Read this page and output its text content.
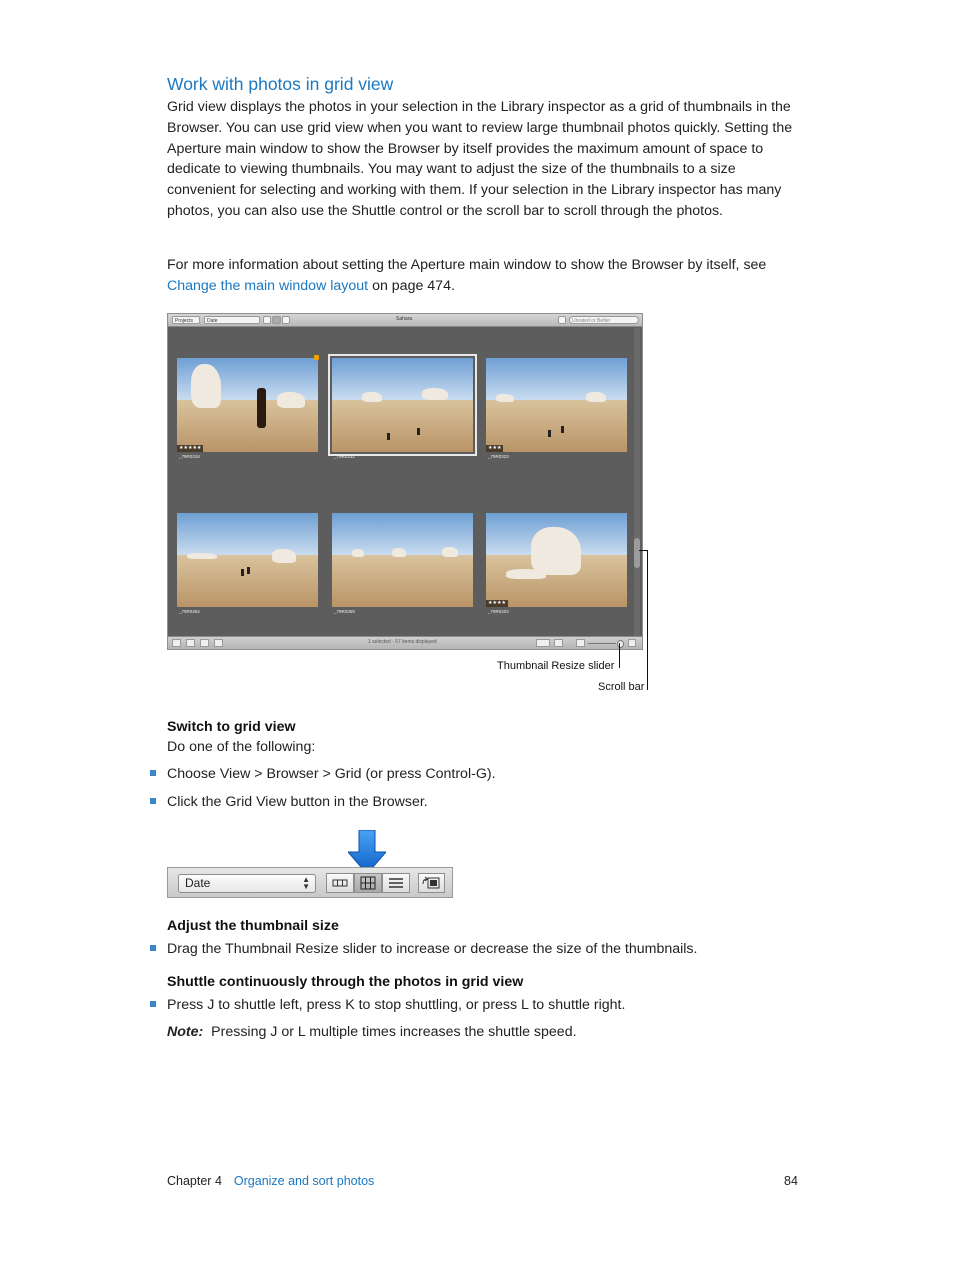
Work with photos in grid view

Grid view displays the photos in your selection in the Library inspector as a grid of thumbnails in the Browser. You can use grid view when you want to review large thumbnail photos quickly. Setting the Aperture main window to show the Browser by itself provides the maximum amount of space to dedicate to viewing thumbnails. You may want to adjust the size of the thumbnails to a size convenient for selecting and working with them. If your selection in the Library inspector has many photos, you can also use the Shuttle control or the scroll bar to scroll through the photos.

For more information about setting the Aperture main window to show the Browser by itself, see Change the main window layout on page 474.

Projects	Date	Sahara	Unrated or Better
★★★★★
_79R0318	_79R0332
★★★
_79R0323
_79R0354	_79R0359
★★★★
_79R0403
1 selected - 57 items displayed
Thumbnail Resize slider
Scroll bar
Switch to grid view
Do one of the following:
Choose View > Browser > Grid (or press Control-G).
Click the Grid View button in the Browser.
Date	▲
▼
Adjust the thumbnail size
Drag the Thumbnail Resize slider to increase or decrease the size of the thumbnails.
Shuttle continuously through the photos in grid view
Press J to shuttle left, press K to stop shuttling, or press L to shuttle right.
Note: Pressing J or L multiple times increases the shuttle speed.
Chapter 4 Organize and sort photos	84
